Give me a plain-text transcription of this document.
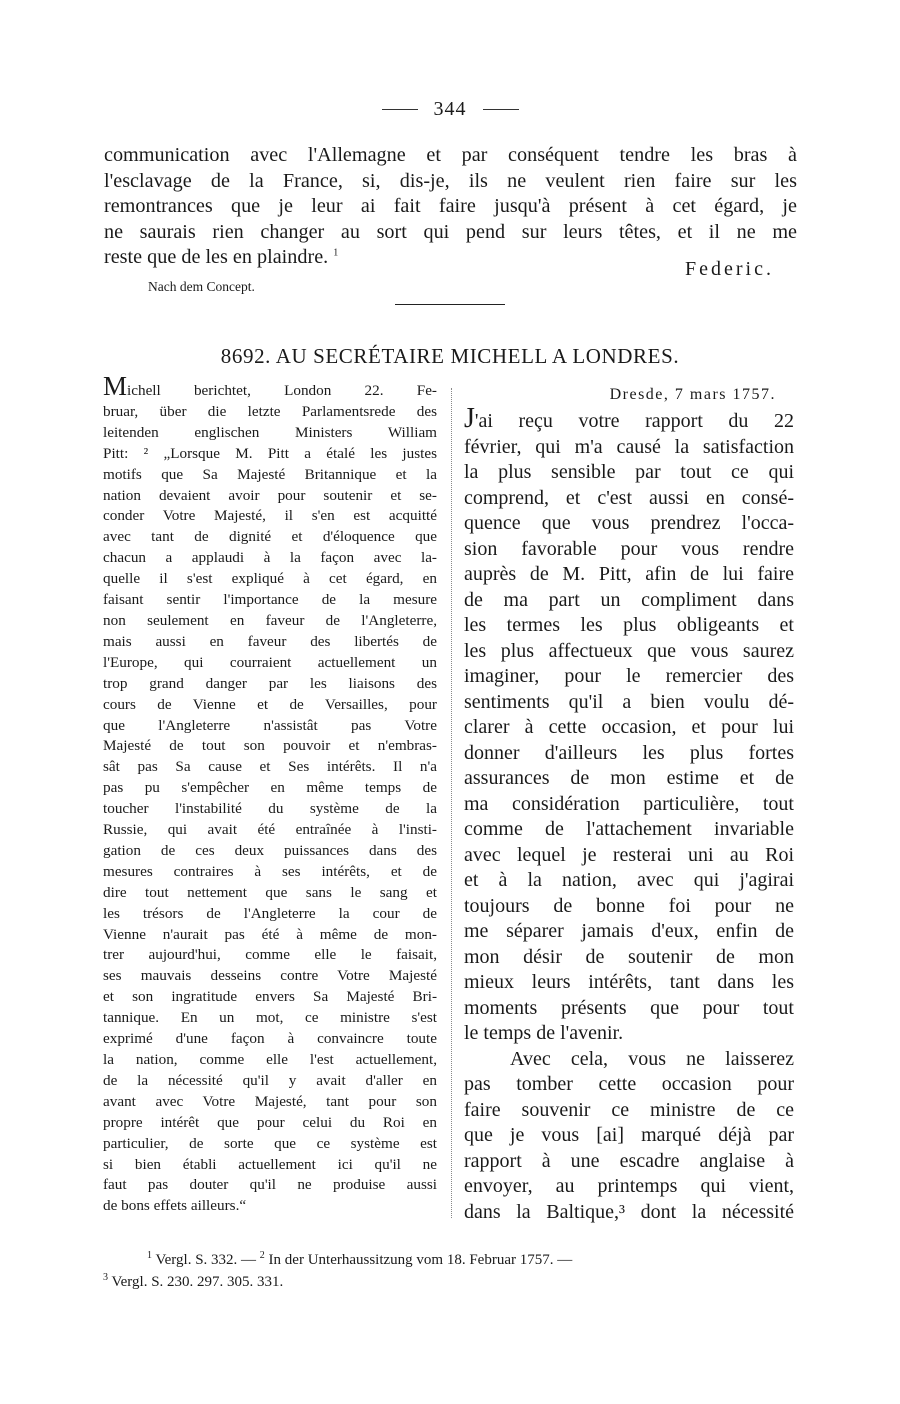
344
communication avec l'Allemagne et par conséquent tendre les bras à
l'esclavage de la France, si, dis-je, ils ne veulent rien faire sur les
remontrances que je leur ai fait faire jusqu'à présent à cet égard, je
ne saurais rien changer au sort qui pend sur leurs têtes, et il ne me
reste que de les en plaindre. $^1$
Federic.
Nach dem Concept.
8692. AU SECRÉTAIRE MICHELL A LONDRES.
Michell berichtet, London 22. Fe-
bruar, über die letzte Parlamentsrede des
leitenden englischen Ministers William
Pitt: ² „Lorsque M. Pitt a étalé les justes
motifs que Sa Majesté Britannique et la
nation devaient avoir pour soutenir et se-
conder Votre Majesté, il s'en est acquitté
avec tant de dignité et d'éloquence que
chacun a applaudi à la façon avec la-
quelle il s'est expliqué à cet égard, en
faisant sentir l'importance de la mesure
non seulement en faveur de l'Angleterre,
mais aussi en faveur des libertés de
l'Europe, qui courraient actuellement un
trop grand danger par les liaisons des
cours de Vienne et de Versailles, pour
que l'Angleterre n'assistât pas Votre
Majesté de tout son pouvoir et n'embras-
sât pas Sa cause et Ses intérêts. Il n'a
pas pu s'empêcher en même temps de
toucher l'instabilité du système de la
Russie, qui avait été entraînée à l'insti-
gation de ces deux puissances dans des
mesures contraires à ses intérêts, et de
dire tout nettement que sans le sang et
les trésors de l'Angleterre la cour de
Vienne n'aurait pas été à même de mon-
trer aujourd'hui, comme elle le faisait,
ses mauvais desseins contre Votre Majesté
et son ingratitude envers Sa Majesté Bri-
tannique. En un mot, ce ministre s'est
exprimé d'une façon à convaincre toute
la nation, comme elle l'est actuellement,
de la nécessité qu'il y avait d'aller en
avant avec Votre Majesté, tant pour son
propre intérêt que pour celui du Roi en
particulier, de sorte que ce système est
si bien établi actuellement ici qu'il ne
faut pas douter qu'il ne produise aussi
de bons effets ailleurs.“
Dresde, 7 mars 1757.
J'ai reçu votre rapport du 22
février, qui m'a causé la satisfaction
la plus sensible par tout ce qui
comprend, et c'est aussi en consé-
quence que vous prendrez l'occa-
sion favorable pour vous rendre
auprès de M. Pitt, afin de lui faire
de ma part un compliment dans
les termes les plus obligeants et
les plus affectueux que vous saurez
imaginer, pour le remercier des
sentiments qu'il a bien voulu dé-
clarer à cette occasion, et pour lui
donner d'ailleurs les plus fortes
assurances de mon estime et de
ma considération particulière, tout
comme de l'attachement invariable
avec lequel je resterai uni au Roi
et à la nation, avec qui j'agirai
toujours de bonne foi pour ne
me séparer jamais d'eux, enfin de
mon désir de soutenir de mon
mieux leurs intérêts, tant dans les
moments présents que pour tout
le temps de l'avenir.
Avec cela, vous ne laisserez
pas tomber cette occasion pour
faire souvenir ce ministre de ce
que je vous [ai] marqué déjà par
rapport à une escadre anglaise à
envoyer, au printemps qui vient,
dans la Baltique,³ dont la nécessité
$^1$ Vergl. S. 332. — $^2$ In der Unterhaussitzung vom 18. Februar 1757. —
$^3$ Vergl. S. 230. 297. 305. 331.
